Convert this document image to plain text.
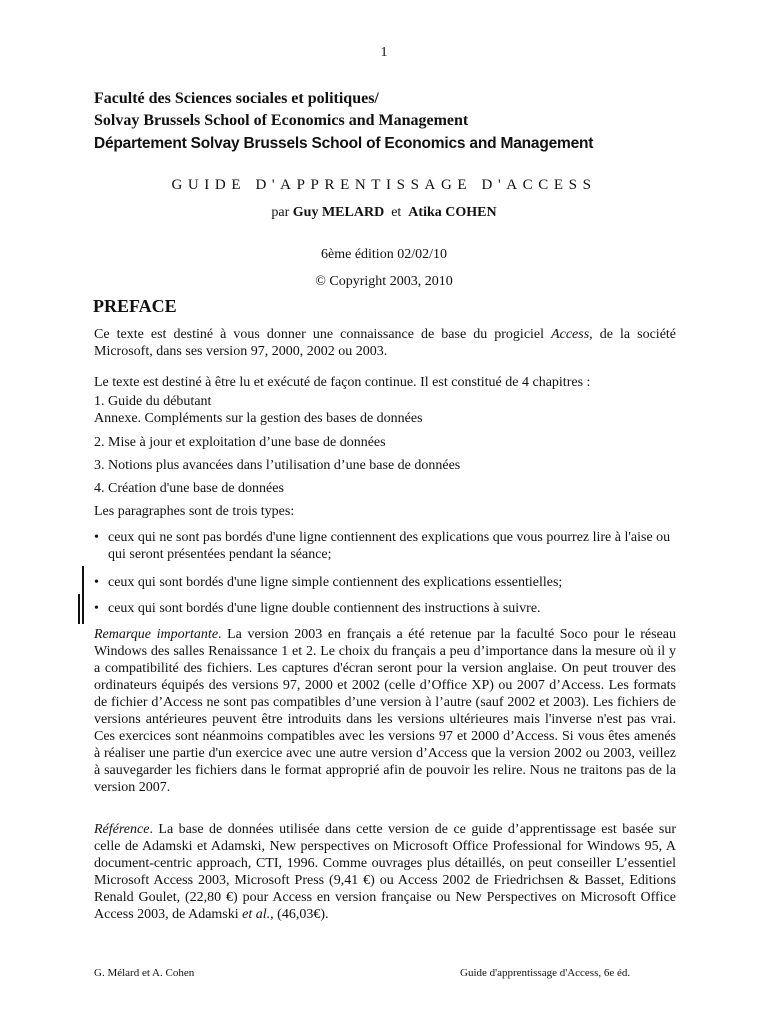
1
Faculté des Sciences sociales et politiques/
Solvay Brussels School of Economics and Management
Département Solvay Brussels School of Economics and Management
GUIDE D'APPRENTISSAGE D'ACCESS
par Guy MELARD et Atika COHEN
6ème édition 02/02/10
© Copyright 2003, 2010
PREFACE
Ce texte est destiné à vous donner une connaissance de base du progiciel Access, de la société Microsoft, dans ses version 97, 2000, 2002 ou 2003.
Le texte est destiné à être lu et exécuté de façon continue. Il est constitué de 4 chapitres :
1. Guide du débutant
Annexe. Compléments sur la gestion des bases de données
2. Mise à jour et exploitation d’une base de données
3. Notions plus avancées dans l’utilisation d’une base de données
4. Création d'une base de données
Les paragraphes sont de trois types:
• ceux qui ne sont pas bordés d'une ligne contiennent des explications que vous pourrez lire à l'aise ou qui seront présentées pendant la séance;
• ceux qui sont bordés d'une ligne simple contiennent des explications essentielles;
• ceux qui sont bordés d'une ligne double contiennent des instructions à suivre.
Remarque importante. La version 2003 en français a été retenue par la faculté Soco pour le réseau Windows des salles Renaissance 1 et 2. Le choix du français a peu d’importance dans la mesure où il y a compatibilité des fichiers. Les captures d'écran seront pour la version anglaise. On peut trouver des ordinateurs équipés des versions 97, 2000 et 2002 (celle d’Office XP) ou 2007 d’Access. Les formats de fichier d’Access ne sont pas compatibles d’une version à l’autre (sauf 2002 et 2003). Les fichiers de versions antérieures peuvent être introduits dans les versions ultérieures mais l'inverse n'est pas vrai. Ces exercices sont néanmoins compatibles avec les versions 97 et 2000 d’Access. Si vous êtes amenés à réaliser une partie d'un exercice avec une autre version d’Access que la version 2002 ou 2003, veillez à sauvegarder les fichiers dans le format approprié afin de pouvoir les relire. Nous ne traitons pas de la version 2007.
Référence. La base de données utilisée dans cette version de ce guide d’apprentissage est basée sur celle de Adamski et Adamski, New perspectives on Microsoft Office Professional for Windows 95, A document-centric approach, CTI, 1996. Comme ouvrages plus détaillés, on peut conseiller L’essentiel Microsoft Access 2003, Microsoft Press (9,41 €) ou Access 2002 de Friedrichsen & Basset, Editions Renald Goulet, (22,80 €) pour Access en version française ou New Perspectives on Microsoft Office Access 2003, de Adamski et al., (46,03€).
G. Mélard et A. Cohen	Guide d'apprentissage d'Access, 6e éd.
